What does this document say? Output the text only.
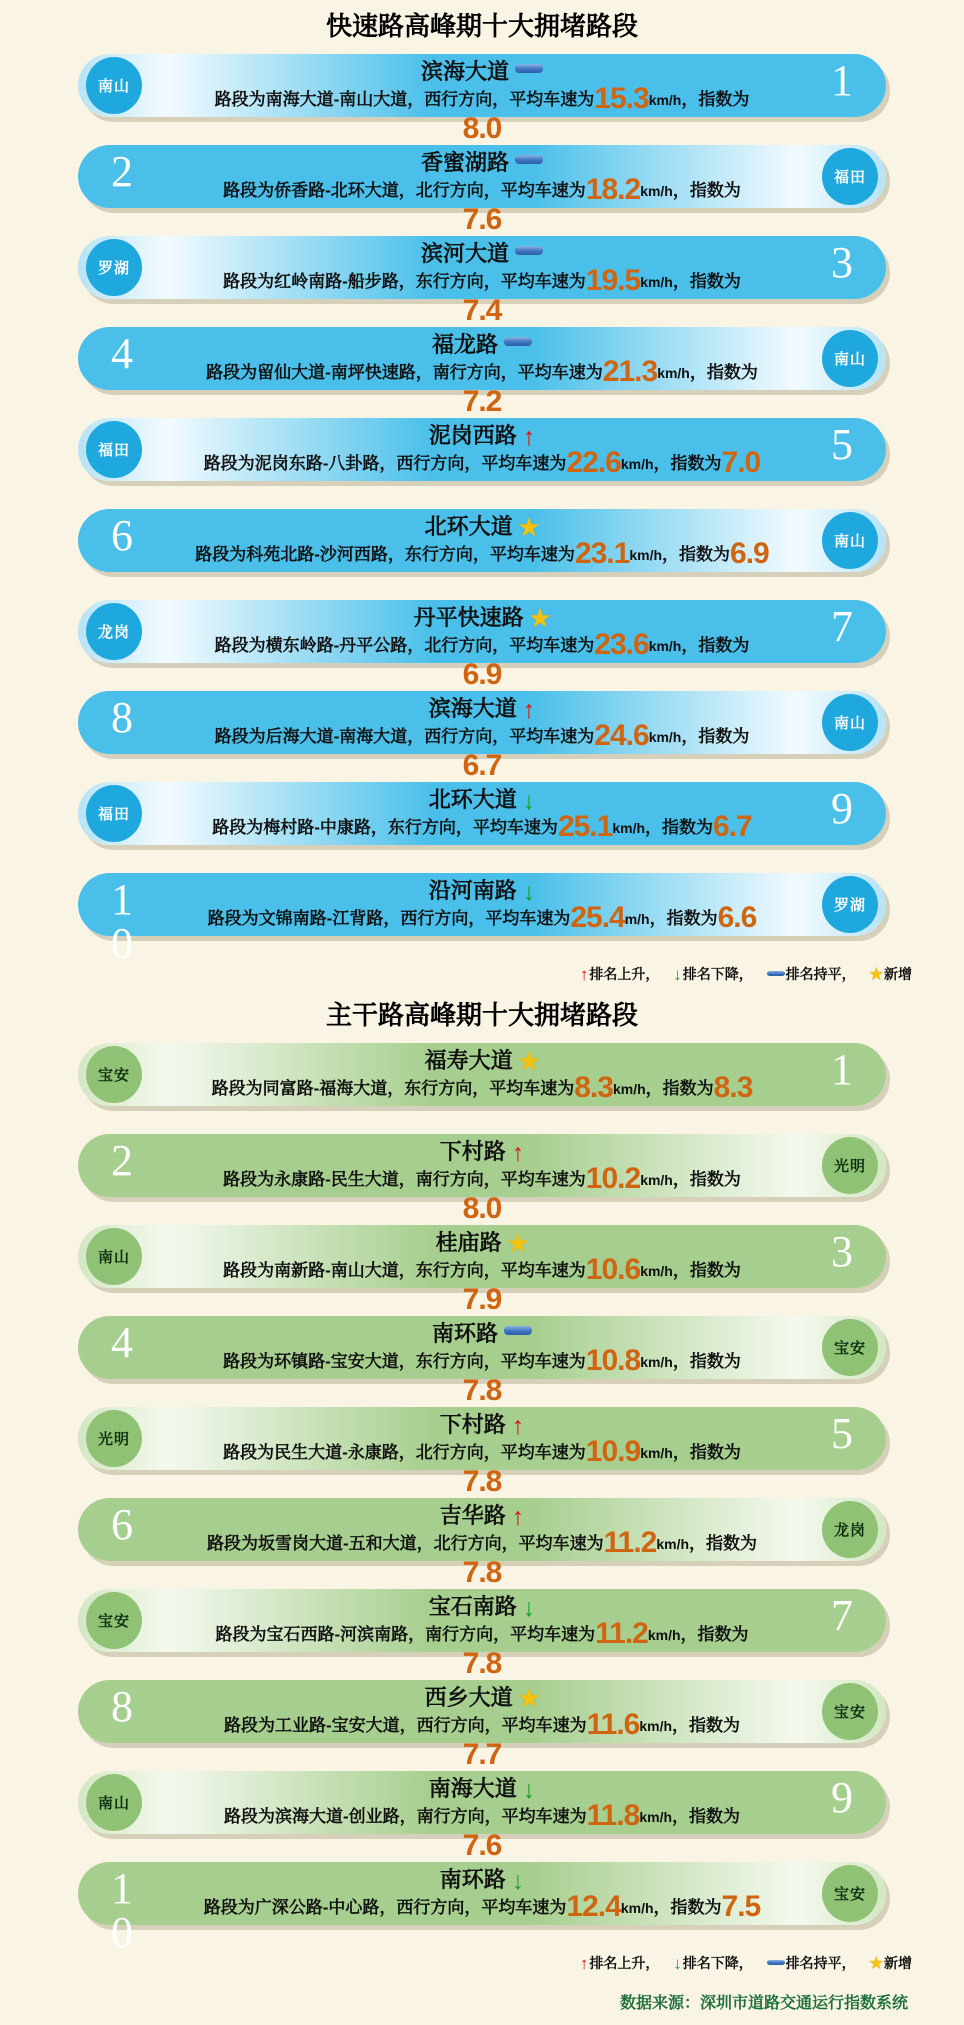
快速路高峰期十大拥堵路段
南山	1
滨海大道
路段为南海大道-南山大道，西行方向，平均车速为15.3km/h，指数为
8.0
福田
2	香蜜湖路
路段为侨香路-北环大道，北行方向，平均车速为18.2km/h，指数为
7.6
罗湖	3
滨河大道
路段为红岭南路-船步路，东行方向，平均车速为19.5km/h，指数为
7.4
南山
4	福龙路
路段为留仙大道-南坪快速路，南行方向，平均车速为21.3km/h，指数为
7.2
福田	5
泥岗西路 ↑
路段为泥岗东路-八卦路，西行方向，平均车速为22.6km/h，指数为7.0
南山
6	北环大道 ★
路段为科苑北路-沙河西路，东行方向，平均车速为23.1km/h，指数为6.9
龙岗	7
丹平快速路 ★
路段为横东岭路-丹平公路，北行方向，平均车速为23.6km/h，指数为
6.9
南山
8	滨海大道 ↑
路段为后海大道-南海大道，西行方向，平均车速为24.6km/h，指数为
6.7
福田	9
北环大道 ↓
路段为梅村路-中康路，东行方向，平均车速为25.1km/h，指数为6.7
罗湖
10
沿河南路 ↓
路段为文锦南路-江背路，西行方向，平均车速为25.4m/h，指数为6.6
↑排名上升， ↓排名下降， 排名持平， ★新增
主干路高峰期十大拥堵路段
宝安	1
福寿大道 ★
路段为同富路-福海大道，东行方向，平均车速为8.3km/h，指数为8.3
光明
2	下村路 ↑
路段为永康路-民生大道，南行方向，平均车速为10.2km/h，指数为
8.0
南山	3
桂庙路 ★
路段为南新路-南山大道，东行方向，平均车速为10.6km/h，指数为
7.9
宝安
4	南环路
路段为环镇路-宝安大道，东行方向，平均车速为10.8km/h，指数为
7.8
光明	5
下村路 ↑
路段为民生大道-永康路，北行方向，平均车速为10.9km/h，指数为
7.8
龙岗
6	吉华路 ↑
路段为坂雪岗大道-五和大道，北行方向，平均车速为11.2km/h，指数为
7.8
宝安	7
宝石南路 ↓
路段为宝石西路-河滨南路，南行方向，平均车速为11.2km/h，指数为
7.8
宝安
8	西乡大道 ★
路段为工业路-宝安大道，西行方向，平均车速为11.6km/h，指数为
7.7
南山	9
南海大道 ↓
路段为滨海大道-创业路，南行方向，平均车速为11.8km/h，指数为
7.6
宝安
10
南环路 ↓
路段为广深公路-中心路，西行方向，平均车速为12.4km/h，指数为7.5
↑排名上升， ↓排名下降， 排名持平， ★新增
数据来源：深圳市道路交通运行指数系统
